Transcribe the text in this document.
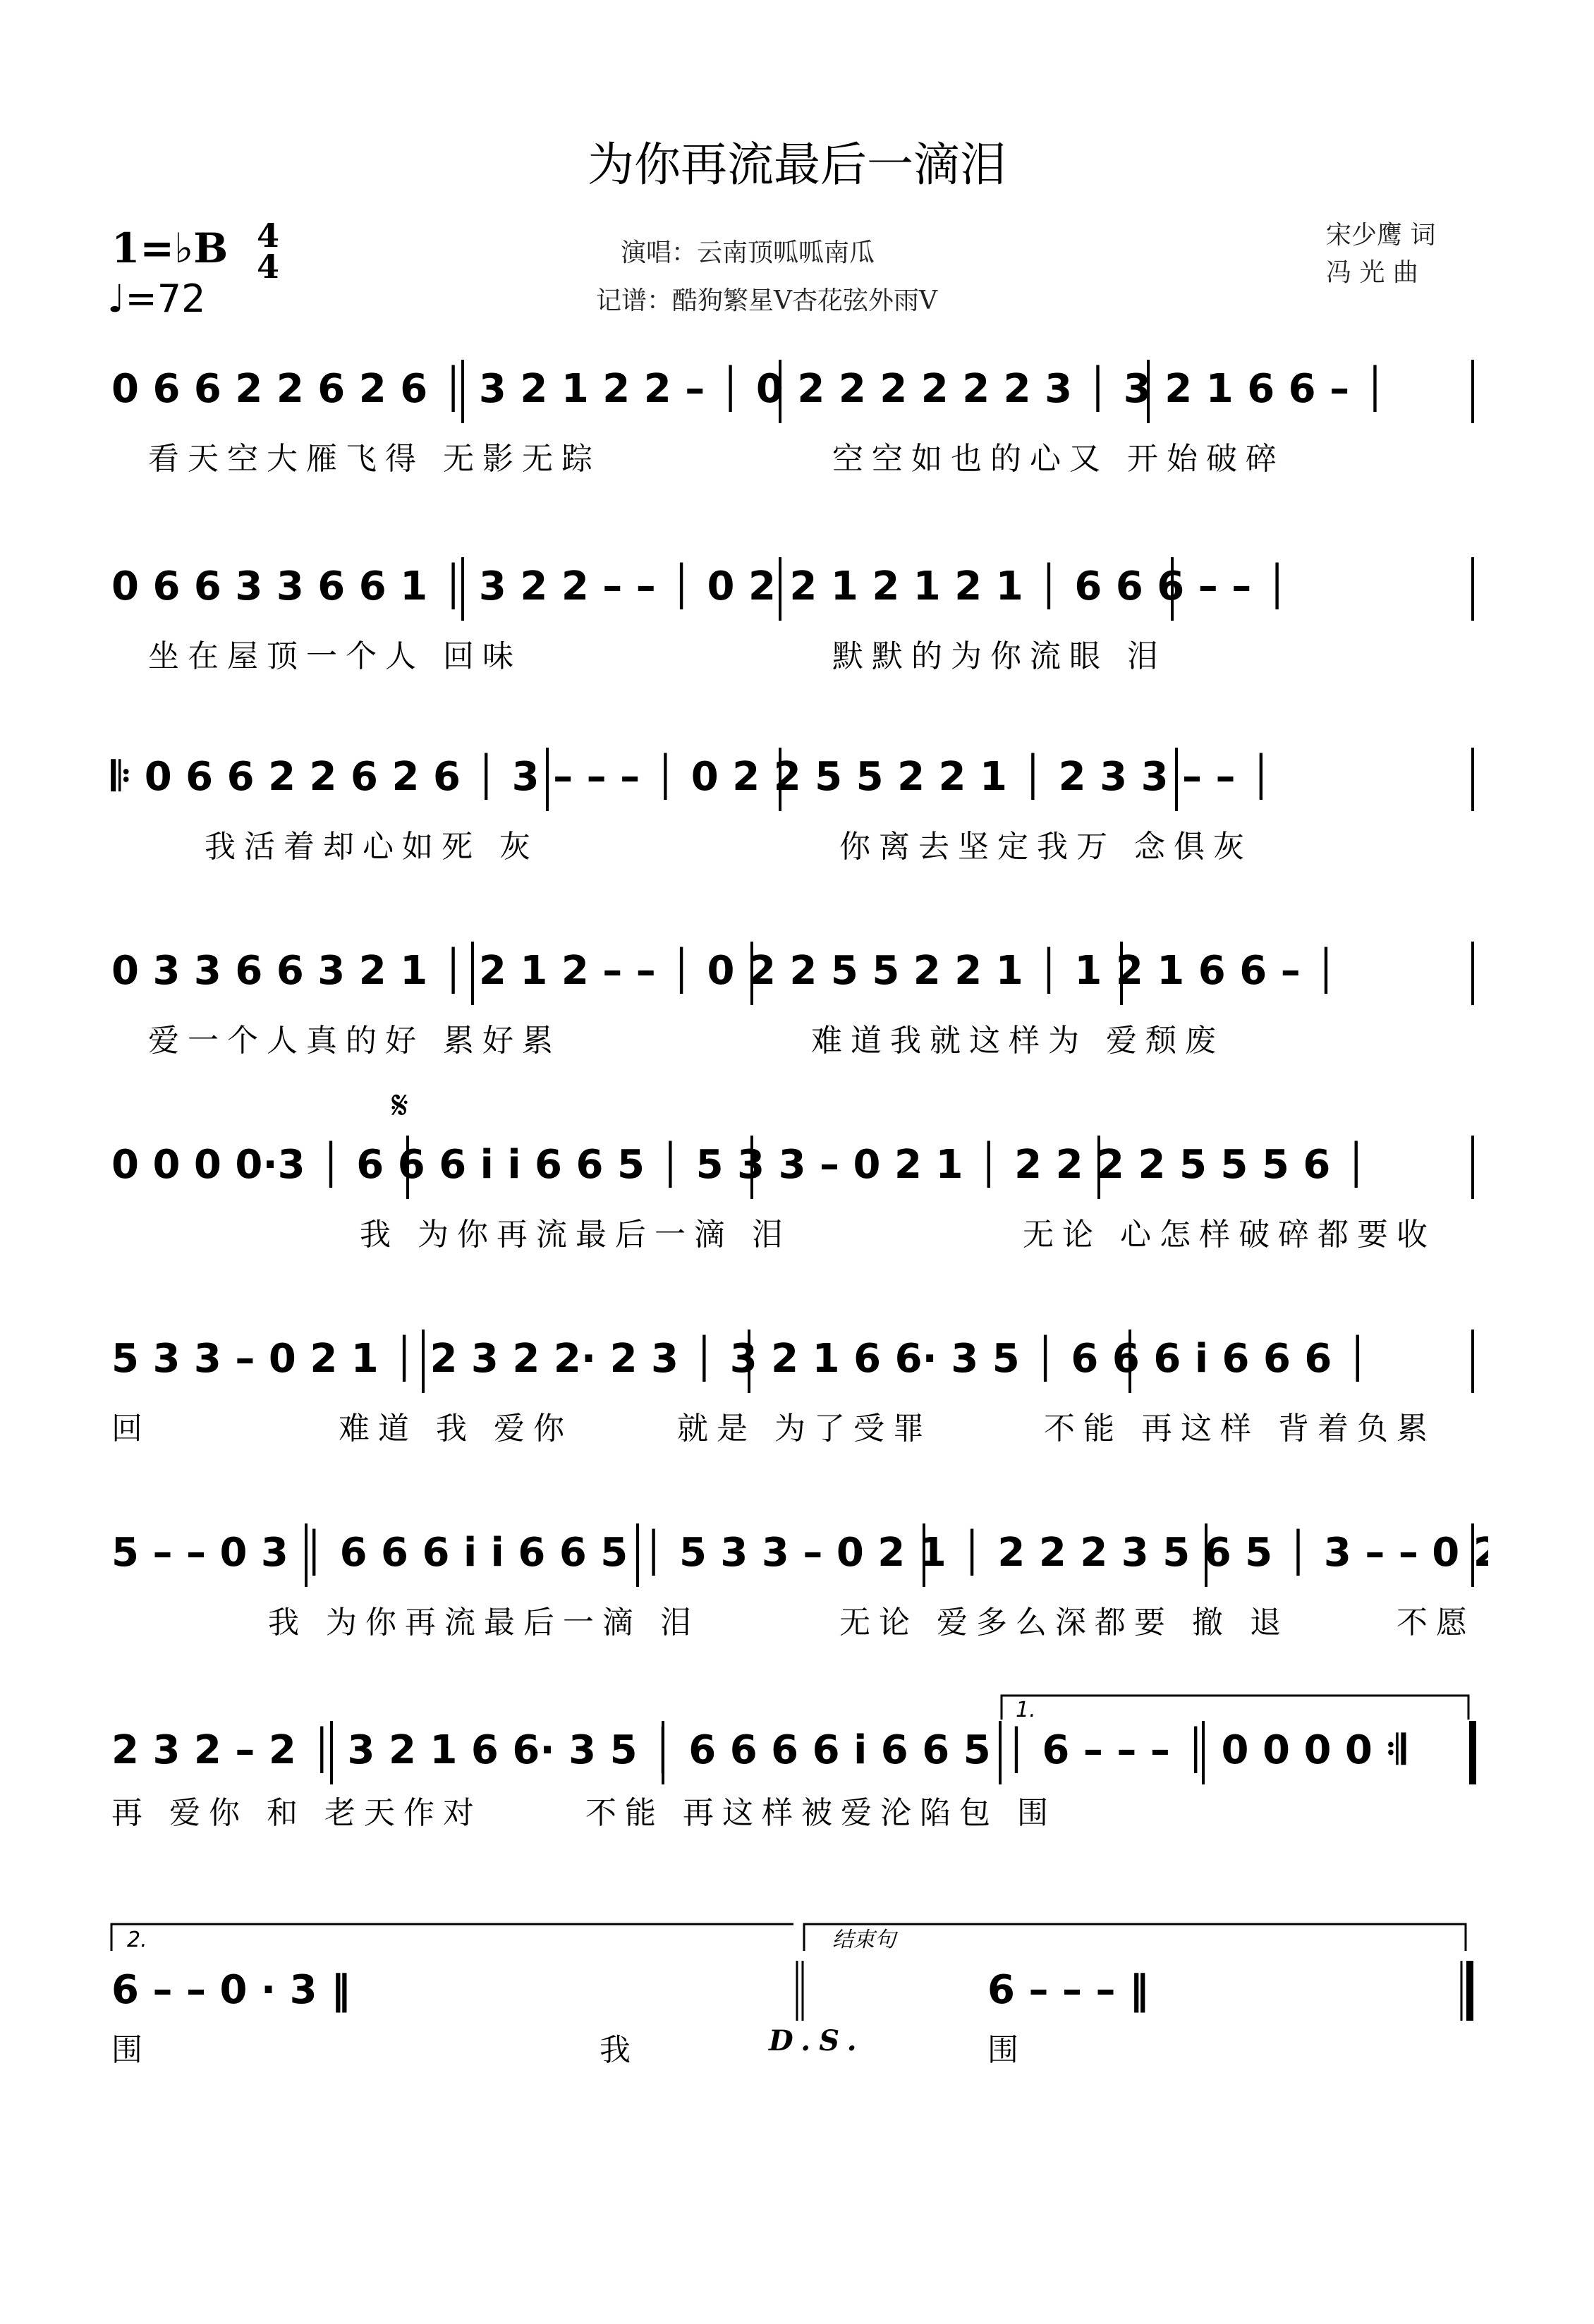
为你再流最后一滴泪
演唱：云南顶呱呱南瓜
记谱：酷狗繁星V杏花弦外雨V
宋少鹰 词
冯 光 曲
1=♭B 4
4
♩=72
0 6 6 2 2 6 2 6 │ 3 2 1 2 2 – │ 0 2 2 2 2 2 2 3 │ 3 2 1 6 6 – │
看天空大雁飞得 无影无踪	空空如也的心又 开始破碎
0 6 6 3 3 6 6 1 │ 3 2 2 – – │ 0 2 2 1 2 1 2 1 │ 6 6 6 – – │
坐在屋顶一个人 回味	默默的为你流眼 泪
𝄆 0 6 6 2 2 6 2 6 │ 3 – – – │ 0 2 2 5 5 2 2 1 │ 2 3 3 – – │
我活着却心如死 灰	你离去坚定我万 念俱灰
0 3 3 6 6 3 2 1 │ 2 1 2 – – │ 0 2 2 5 5 2 2 1 │ 1 2 1 6 6 – │
爱一个人真的好 累好累	难道我就这样为 爱颓废
𝄋
0 0 0 0·3 │ 6 6 6 i i 6 6 5 │ 5 3 3 – 0 2 1 │ 2 2 2 2 5 5 5 6 │
我 为你再流最后一滴 泪	无论 心怎样破碎都要收
5 3 3 – 0 2 1 │ 2 3 2 2· 2 3 │ 3 2 1 6 6· 3 5 │ 6 6 6 i 6 6 6 │
回	难道 我 爱你	就是 为了受罪	不能 再这样 背着负累
5 – – 0 3 │ 6 6 6 i i 6 6 5 │ 5 3 3 – 0 2 1 │ 2 2 2 3 5 6 5 │ 3 – – 0 2 1 │
我 为你再流最后一滴 泪	无论 爱多么深都要 撤 退	不愿
1.
2 3 2 – 2 │ 3 2 1 6 6· 3 5 │ 6 6 6 6 i 6 6 5 │ 6 – – – │ 0 0 0 0 𝄇
再 爱你 和 老天作对	不能 再这样被爱沦陷包 围
2.	结束句
6 – – 0 · 3 ‖	6 – – – ‖
围	我	D.S.	围
